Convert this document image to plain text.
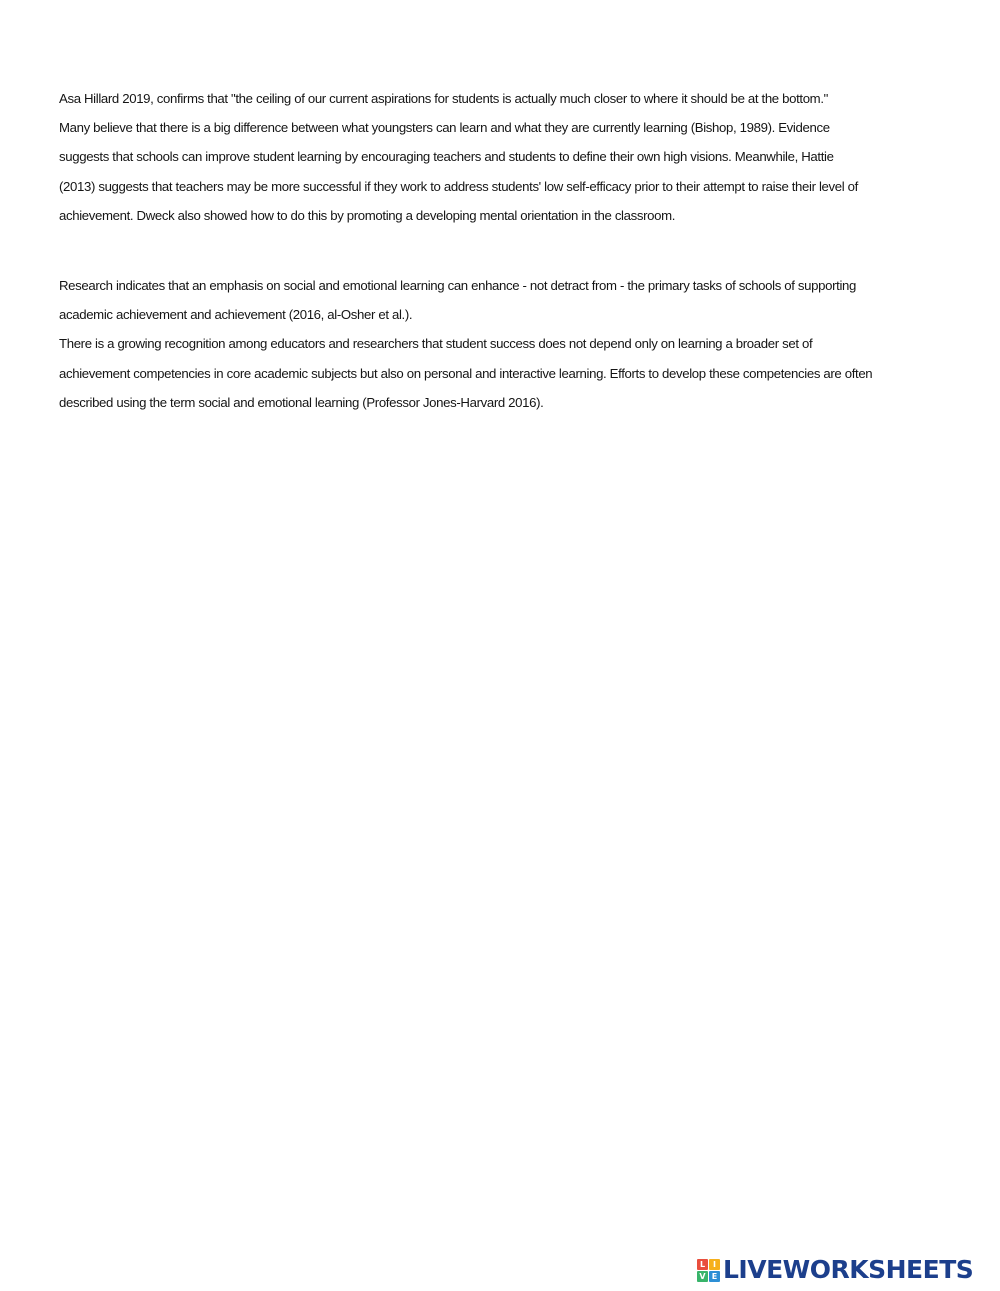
Asa Hillard 2019, confirms that "the ceiling of our current aspirations for students is actually much closer to where it should be at the bottom."
Many believe that there is a big difference between what youngsters can learn and what they are currently learning (Bishop, 1989). Evidence
suggests that schools can improve student learning by encouraging teachers and students to define their own high visions. Meanwhile, Hattie
(2013) suggests that teachers may be more successful if they work to address students' low self-efficacy prior to their attempt to raise their level of
achievement. Dweck also showed how to do this by promoting a developing mental orientation in the classroom.

Research indicates that an emphasis on social and emotional learning can enhance - not detract from - the primary tasks of schools of supporting
academic achievement and achievement (2016, al-Osher et al.).
There is a growing recognition among educators and researchers that student success does not depend only on learning a broader set of
achievement competencies in core academic subjects but also on personal and interactive learning. Efforts to develop these competencies are often
described using the term social and emotional learning (Professor Jones-Harvard 2016).

L I
V E LIVEWORKSHEETS
